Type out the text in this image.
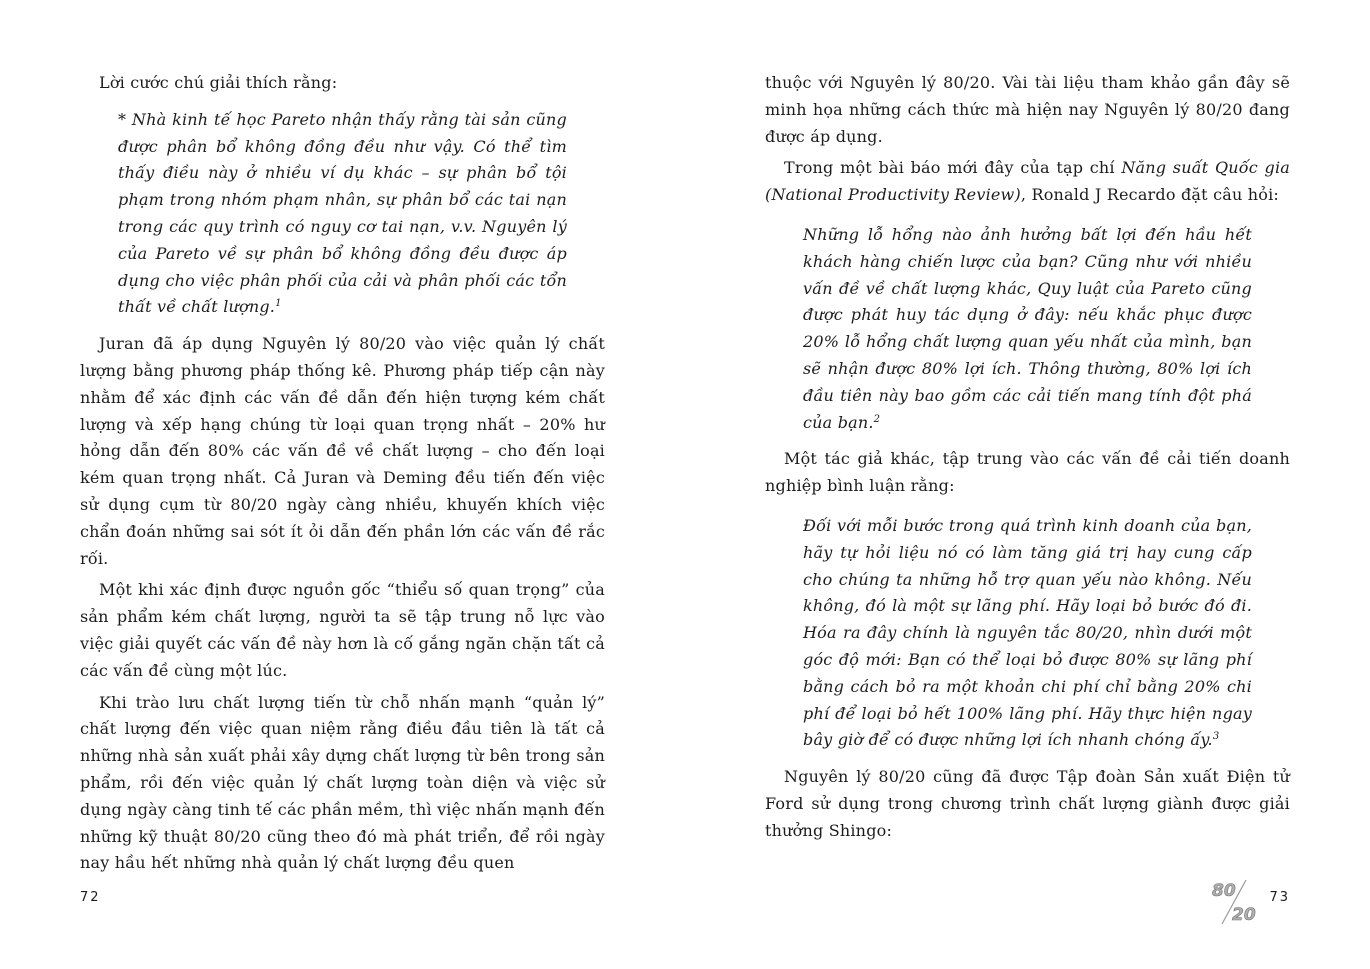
Lời cước chú giải thích rằng:

* Nhà kinh tế học Pareto nhận thấy rằng tài sản cũng được phân bổ không đồng đều như vậy. Có thể tìm thấy điều này ở nhiều ví dụ khác – sự phân bổ tội phạm trong nhóm phạm nhân, sự phân bổ các tai nạn trong các quy trình có nguy cơ tai nạn, v.v. Nguyên lý của Pareto về sự phân bổ không đồng đều được áp dụng cho việc phân phối của cải và phân phối các tổn thất về chất lượng.$^1$

Juran đã áp dụng Nguyên lý 80/20 vào việc quản lý chất lượng bằng phương pháp thống kê. Phương pháp tiếp cận này nhằm để xác định các vấn đề dẫn đến hiện tượng kém chất lượng và xếp hạng chúng từ loại quan trọng nhất – 20% hư hỏng dẫn đến 80% các vấn đề về chất lượng – cho đến loại kém quan trọng nhất. Cả Juran và Deming đều tiến đến việc sử dụng cụm từ 80/20 ngày càng nhiều, khuyến khích việc chẩn đoán những sai sót ít ỏi dẫn đến phần lớn các vấn đề rắc rối.

Một khi xác định được nguồn gốc “thiểu số quan trọng” của sản phẩm kém chất lượng, người ta sẽ tập trung nỗ lực vào việc giải quyết các vấn đề này hơn là cố gắng ngăn chặn tất cả các vấn đề cùng một lúc.

Khi trào lưu chất lượng tiến từ chỗ nhấn mạnh “quản lý” chất lượng đến việc quan niệm rằng điều đầu tiên là tất cả những nhà sản xuất phải xây dựng chất lượng từ bên trong sản phẩm, rồi đến việc quản lý chất lượng toàn diện và việc sử dụng ngày càng tinh tế các phần mềm, thì việc nhấn mạnh đến những kỹ thuật 80/20 cũng theo đó mà phát triển, để rồi ngày nay hầu hết những nhà quản lý chất lượng đều quen

72

thuộc với Nguyên lý 80/20. Vài tài liệu tham khảo gần đây sẽ minh họa những cách thức mà hiện nay Nguyên lý 80/20 đang được áp dụng.

Trong một bài báo mới đây của tạp chí Năng suất Quốc gia (National Productivity Review), Ronald J Recardo đặt câu hỏi:

Những lỗ hổng nào ảnh hưởng bất lợi đến hầu hết khách hàng chiến lược của bạn? Cũng như với nhiều vấn đề về chất lượng khác, Quy luật của Pareto cũng được phát huy tác dụng ở đây: nếu khắc phục được 20% lỗ hổng chất lượng quan yếu nhất của mình, bạn sẽ nhận được 80% lợi ích. Thông thường, 80% lợi ích đầu tiên này bao gồm các cải tiến mang tính đột phá của bạn.$^2$

Một tác giả khác, tập trung vào các vấn đề cải tiến doanh nghiệp bình luận rằng:

Đối với mỗi bước trong quá trình kinh doanh của bạn, hãy tự hỏi liệu nó có làm tăng giá trị hay cung cấp cho chúng ta những hỗ trợ quan yếu nào không. Nếu không, đó là một sự lãng phí. Hãy loại bỏ bước đó đi. Hóa ra đây chính là nguyên tắc 80/20, nhìn dưới một góc độ mới: Bạn có thể loại bỏ được 80% sự lãng phí bằng cách bỏ ra một khoản chi phí chỉ bằng 20% chi phí để loại bỏ hết 100% lãng phí. Hãy thực hiện ngay bây giờ để có được những lợi ích nhanh chóng ấy.$^3$

Nguyên lý 80/20 cũng đã được Tập đoàn Sản xuất Điện tử Ford sử dụng trong chương trình chất lượng giành được giải thưởng Shingo:

80
20
73
